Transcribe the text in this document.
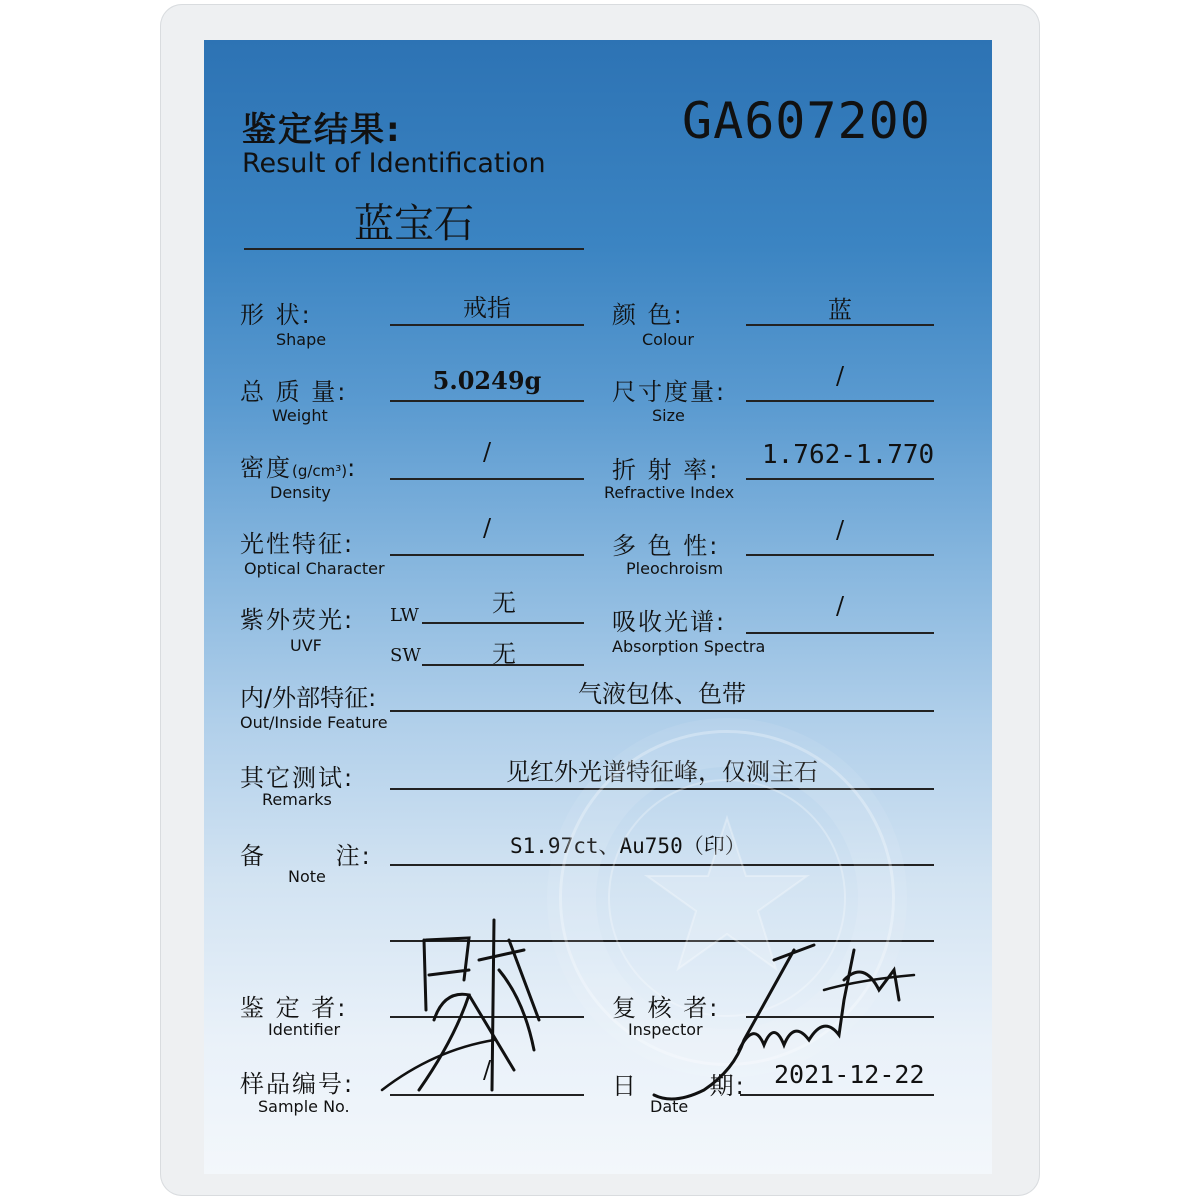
鉴定结果:
Result of Identification
GA607200
蓝宝石
形 状:
Shape
戒指	颜 色:
Colour
蓝
总 质 量:
Weight
5.0249g	尺寸度量:
Size
/
密度(g/cm³):
Density
/
折 射 率:
Refractive Index
1.762-1.770
光性特征:
Optical Character
/
多 色 性:
Pleochroism
/
紫外荧光:
UVF
LW	无
SW	无
吸收光谱:
Absorption Spectra
/
内/外部特征:
Out/Inside Feature
气液包体、色带
其它测试:
Remarks
见红外光谱特征峰，仅测主石
备 注:
Note
S1.97ct、Au750（印）
鉴 定 者:
Identifier
复 核 者:
Inspector
样品编号:
Sample No.
/
日 期:
Date
2021-12-22
